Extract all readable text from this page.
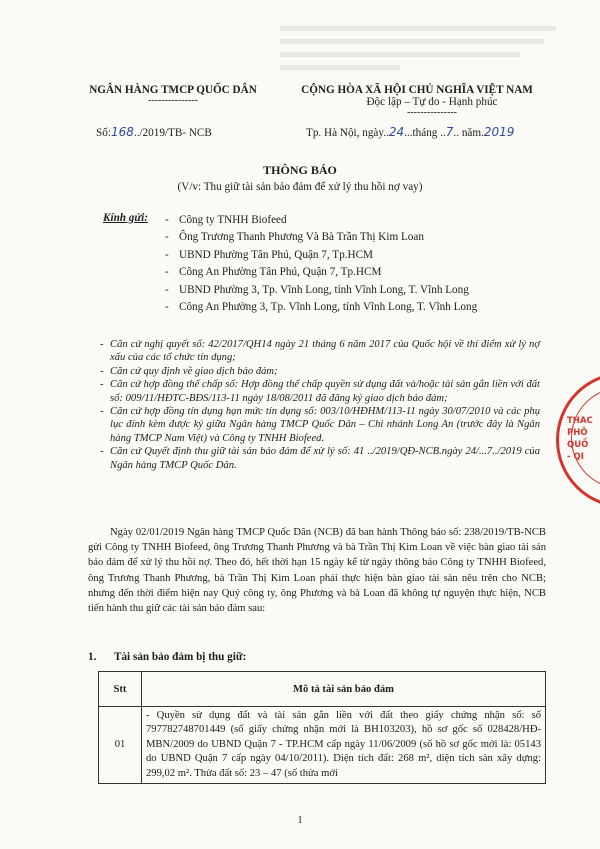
NGÂN HÀNG TMCP QUỐC DÂN
---------------
CỘNG HÒA XÃ HỘI CHỦ NGHĨA VIỆT NAM
Độc lập – Tự do - Hạnh phúc
---------------
Số:168../2019/TB- NCB	Tp. Hà Nội, ngày..24...tháng ..7.. năm.2019
THÔNG BÁO
(V/v: Thu giữ tài sản bảo đảm để xử lý thu hồi nợ vay)
Kính gửi: - Công ty TNHH Biofeed
- Ông Trương Thanh Phương Và Bà Trần Thị Kim Loan
- UBND Phường Tân Phú, Quận 7, Tp.HCM
- Công An Phường Tân Phú, Quận 7, Tp.HCM
- UBND Phường 3, Tp. Vĩnh Long, tỉnh Vĩnh Long, T. Vĩnh Long
- Công An Phường 3, Tp. Vĩnh Long, tỉnh Vĩnh Long, T. Vĩnh Long
- Căn cứ nghị quyết số: 42/2017/QH14 ngày 21 tháng 6 năm 2017 của Quốc hội về thí điểm xử lý nợ xấu của các tổ chức tín dụng;
- Căn cứ quy định về giao dịch bảo đảm;
- Căn cứ hợp đồng thế chấp số: Hợp đồng thế chấp quyền sử dụng đất và/hoặc tài sản gắn liền với đất số: 009/11/HĐTC-BĐS/113-11 ngày 18/08/2011 đã đăng ký giao dịch bảo đảm;
- Căn cứ hợp đồng tín dụng hạn mức tín dụng số: 003/10/HĐHM/113-11 ngày 30/07/2010 và các phụ lục đính kèm được ký giữa Ngân hàng TMCP Quốc Dân – Chi nhánh Long An (trước đây là Ngân hàng TMCP Nam Việt) và Công ty TNHH Biofeed.
- Căn cứ Quyết định thu giữ tài sản bảo đảm để xử lý số: 41 ../2019/QĐ-NCB.ngày 24/...7../2019 của Ngân hàng TMCP Quốc Dân.
Ngày 02/01/2019 Ngân hàng TMCP Quốc Dân (NCB) đã ban hành Thông báo số: 238/2019/TB-NCB gửi Công ty TNHH Biofeed, ông Trương Thanh Phương và bà Trần Thị Kim Loan về việc bàn giao tài sản bảo đảm để xử lý thu hồi nợ. Theo đó, hết thời hạn 15 ngày kể từ ngày thông báo Công ty TNHH Biofeed, ông Trương Thanh Phương, bà Trần Thị Kim Loan phải thực hiện bàn giao tài sản nêu trên cho NCB; nhưng đến thời điểm hiện nay Quý công ty, ông Phương và bà Loan đã không tự nguyện thực hiện, NCB tiến hành thu giữ các tài sản bảo đảm sau:
1. Tài sản bảo đảm bị thu giữ:
Stt	Mô tả tài sản bảo đảm
01	- Quyền sử dụng đất và tài sản gắn liền với đất theo giấy chứng nhận số: số 797782748701449 (số giấy chứng nhận mới là BH103203), hồ sơ gốc số 028428/HĐ-MBN/2009 do UBND Quận 7 - TP.HCM cấp ngày 11/06/2009 (số hồ sơ gốc mới là: 05143 do UBND Quận 7 cấp ngày 04/10/2011). Diện tích đất: 268 m², diện tích sàn xây dựng: 299,02 m². Thửa đất số: 23 – 47 (số thửa mới
1
THAC
PHÔ
QUỐ
- QI
